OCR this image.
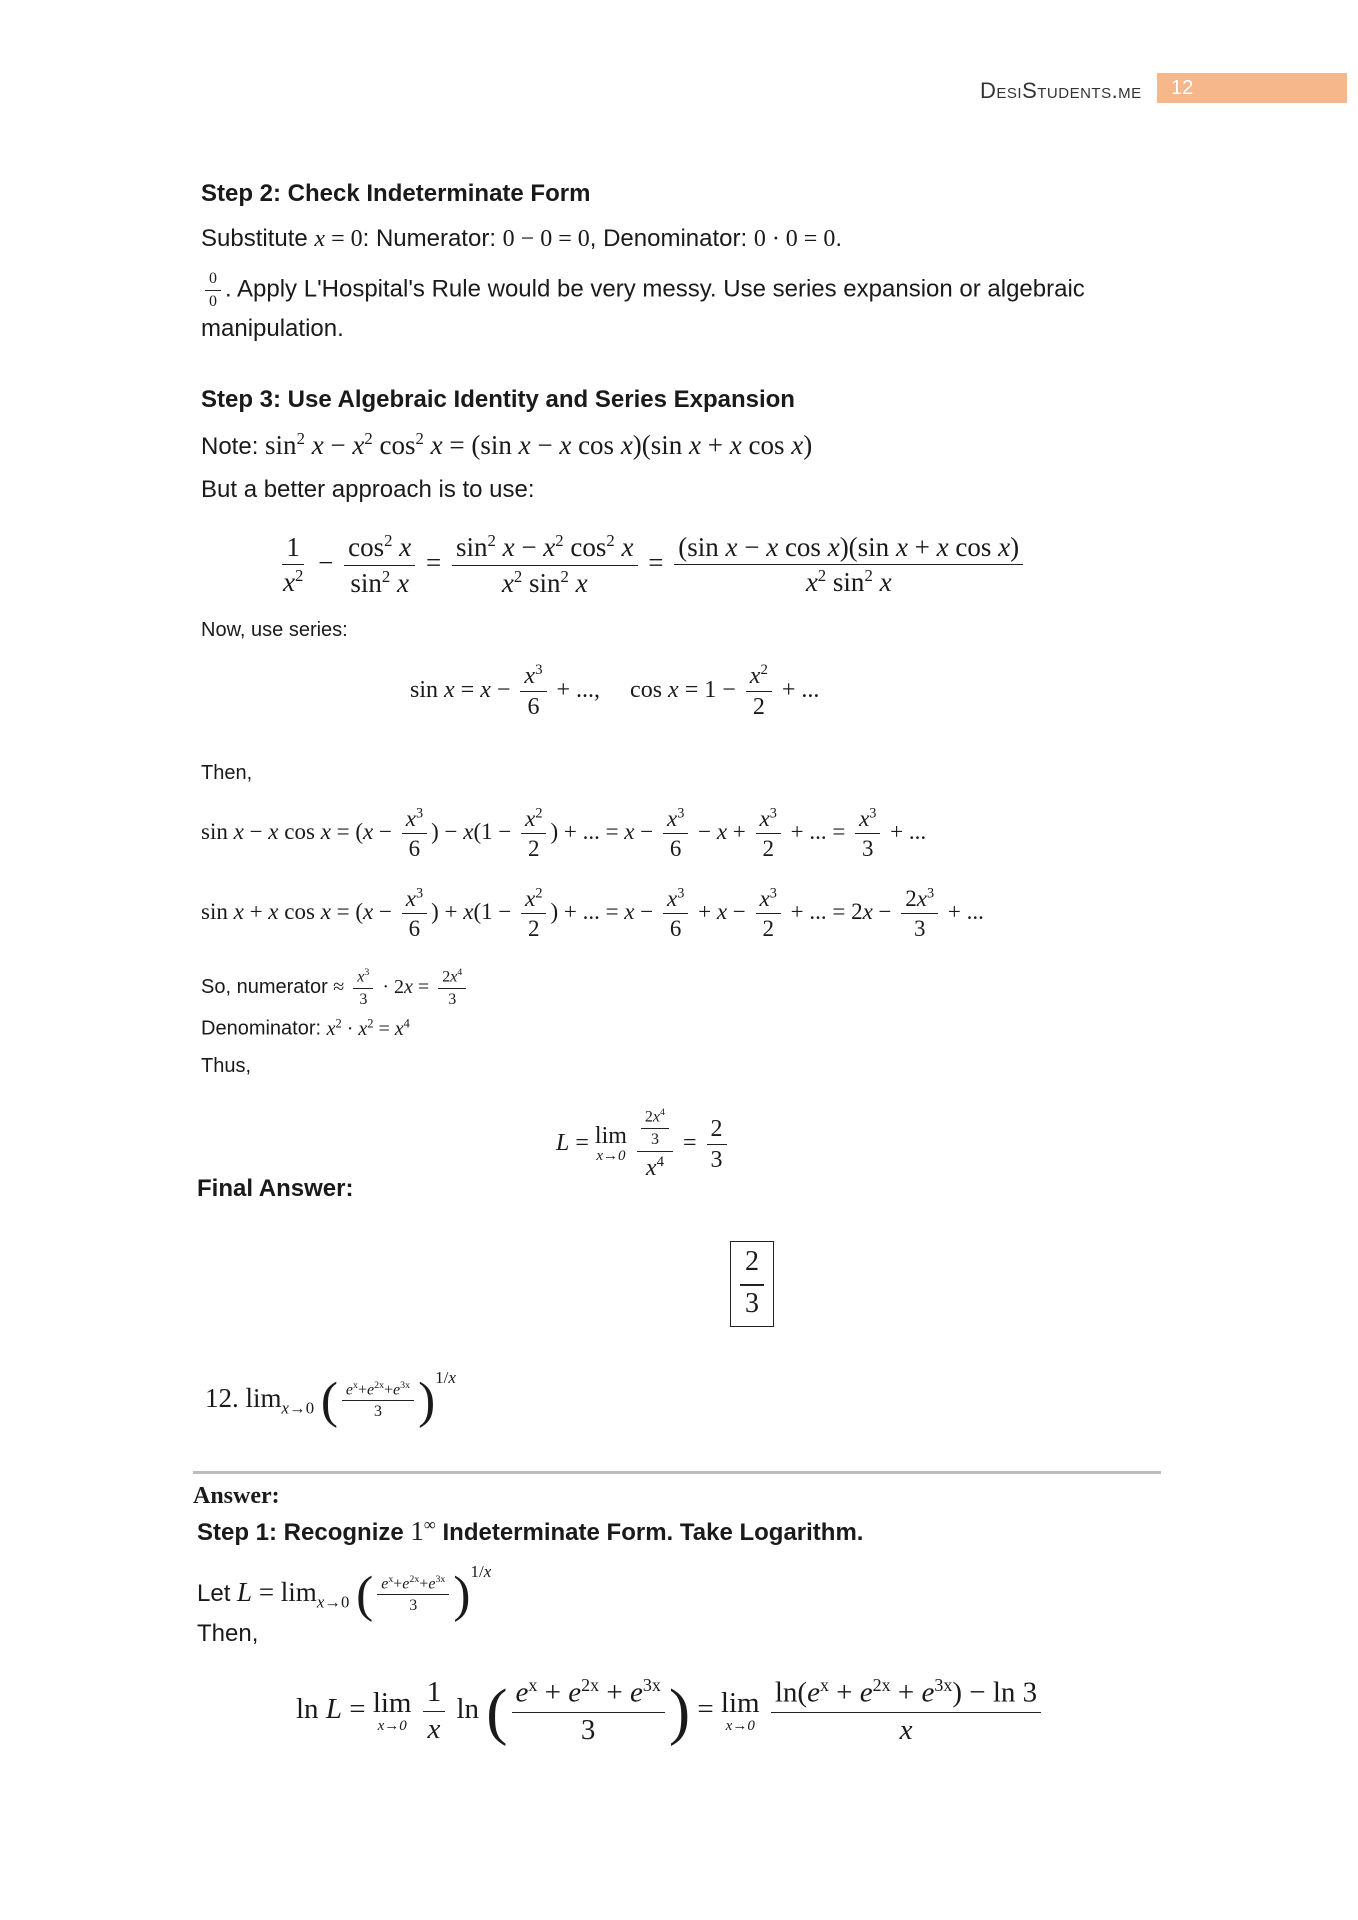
DesiStudents.me	12
Step 2: Check Indeterminate Form
Substitute x = 0: Numerator: 0 − 0 = 0, Denominator: 0 · 0 = 0.
$\frac{0}{0}$ . Apply L'Hospital's Rule would be very messy. Use series expansion or algebraic
manipulation.
Step 3: Use Algebraic Identity and Series Expansion
Note: $\sin^2 x - x^2$ $\cos^2 x = (\sin$ x − x cos x)(sin x + x cos x)
But a better approach is to use:
$\frac{1}{x^2} - \frac{\cos^2 x}{\sin^2 x} = \frac{\sin^2 x - x^2 \cos^2 x}{x^2 \sin^2 x} = \frac{\text{(sin x − x cos x)(sin x + x cos x)}}{x^2 \sin^2 x}$
Now, use series:
$\sin x = x - \frac{x^3}{6}$ + ...,     $\cos x = 1 - \frac{x^2}{2}$ + ...
Then,
sin x − x $\cos x = (x - \frac{x^3}{6}$ ) − $x(1 - \frac{x^2}{2}$ ) + ... = $x - \frac{x^3}{6} - x + \frac{x^3}{2}$ + ... = $\frac{x^3}{3}$ + ...
sin x + x $\cos x = (x - \frac{x^3}{6}$ ) + $x(1 - \frac{x^2}{2}$ ) + ... = $x - \frac{x^3}{6} + x - \frac{x^3}{2}$ + ... = $2x - \frac{2x^3}{3}$ + ...
So, numerator ≈ $\frac{x^3}{3} \cdot 2x = \frac{2x^4}{3}$
Denominator: $x^2 \cdot x^2 = x^4$
Thus,
L = lim
x→0
$\frac{\frac{2x^4}{3}}{x^4} = \frac{2}{3}$
Final Answer:
2
3
12. $\lim_{x\to 0}$ ( $\frac{e^x+e^{2x}+e^{3x}}{3} )^{1/x}$
Answer:
Step 1: Recognize 1∞ Indeterminate Form. Take Logarithm.
Let $L = \lim_{x\to 0}$ ( $\frac{e^x+e^{2x}+e^{3x}}{3} )^{1/x}$
Then,
ln L = lim
x→0
$\frac{1}{x}$ ln ( $\frac{e^x + e^{2x} + e^{3x}}{3}$ ) = lim
x→0
$\frac{\ln(e^x + e^{2x} + e^{3x}) - \ln 3}{x}$
